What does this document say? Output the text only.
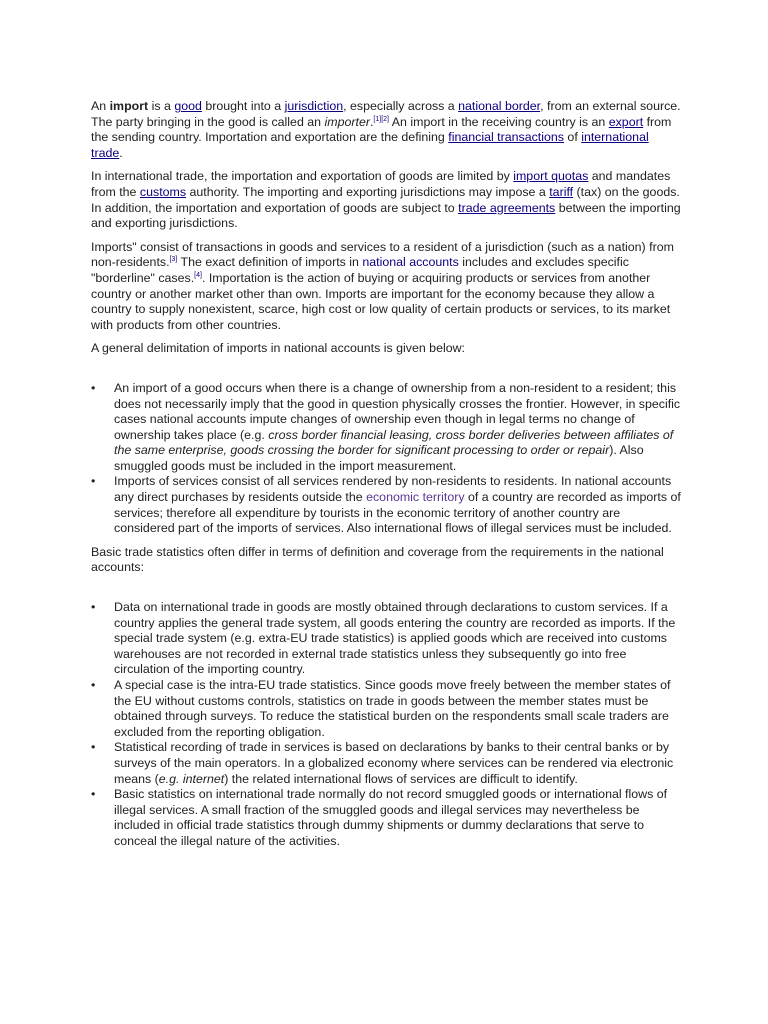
An import is a good brought into a jurisdiction, especially across a national border, from an external source. The party bringing in the good is called an importer.[1][2] An import in the receiving country is an export from the sending country. Importation and exportation are the defining financial transactions of international trade.

In international trade, the importation and exportation of goods are limited by import quotas and mandates from the customs authority. The importing and exporting jurisdictions may impose a tariff (tax) on the goods. In addition, the importation and exportation of goods are subject to trade agreements between the importing and exporting jurisdictions.

Imports" consist of transactions in goods and services to a resident of a jurisdiction (such as a nation) from non-residents.[3] The exact definition of imports in national accounts includes and excludes specific "borderline" cases.[4]. Importation is the action of buying or acquiring products or services from another country or another market other than own. Imports are important for the economy because they allow a country to supply nonexistent, scarce, high cost or low quality of certain products or services, to its market with products from other countries.

A general delimitation of imports in national accounts is given below:

• An import of a good occurs when there is a change of ownership from a non-resident to a resident; this does not necessarily imply that the good in question physically crosses the frontier. However, in specific cases national accounts impute changes of ownership even though in legal terms no change of ownership takes place (e.g. cross border financial leasing, cross border deliveries between affiliates of the same enterprise, goods crossing the border for significant processing to order or repair). Also smuggled goods must be included in the import measurement.
• Imports of services consist of all services rendered by non-residents to residents. In national accounts any direct purchases by residents outside the economic territory of a country are recorded as imports of services; therefore all expenditure by tourists in the economic territory of another country are considered part of the imports of services. Also international flows of illegal services must be included.

Basic trade statistics often differ in terms of definition and coverage from the requirements in the national accounts:

• Data on international trade in goods are mostly obtained through declarations to custom services. If a country applies the general trade system, all goods entering the country are recorded as imports. If the special trade system (e.g. extra-EU trade statistics) is applied goods which are received into customs warehouses are not recorded in external trade statistics unless they subsequently go into free circulation of the importing country.
• A special case is the intra-EU trade statistics. Since goods move freely between the member states of the EU without customs controls, statistics on trade in goods between the member states must be obtained through surveys. To reduce the statistical burden on the respondents small scale traders are excluded from the reporting obligation.
• Statistical recording of trade in services is based on declarations by banks to their central banks or by surveys of the main operators. In a globalized economy where services can be rendered via electronic means (e.g. internet) the related international flows of services are difficult to identify.
• Basic statistics on international trade normally do not record smuggled goods or international flows of illegal services. A small fraction of the smuggled goods and illegal services may nevertheless be included in official trade statistics through dummy shipments or dummy declarations that serve to conceal the illegal nature of the activities.
